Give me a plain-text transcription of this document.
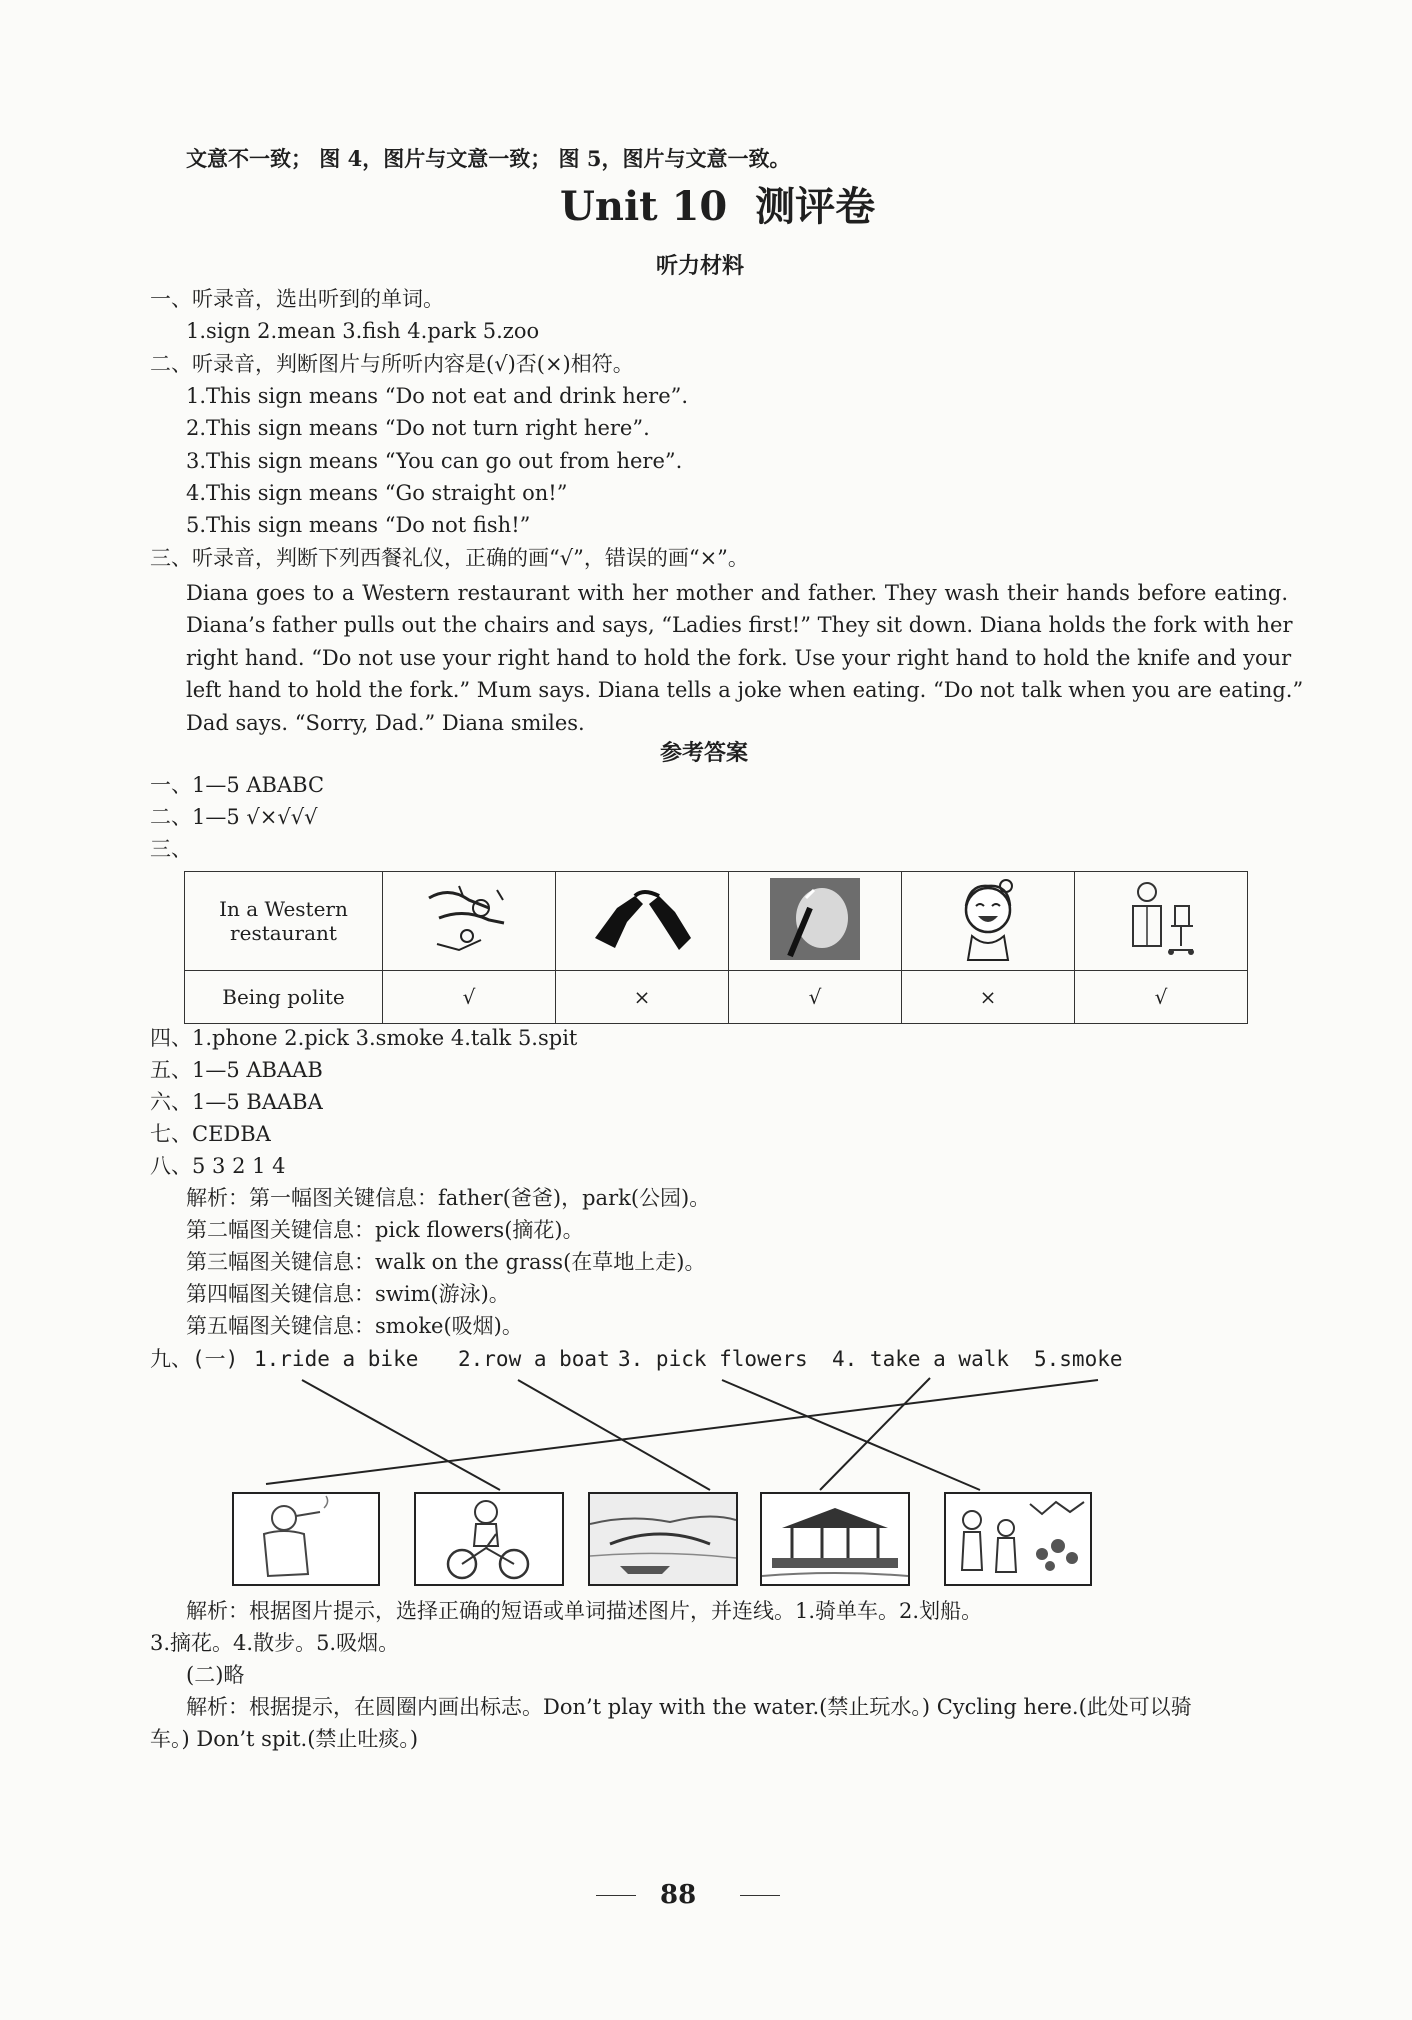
文意不一致； 图 4，图片与文意一致； 图 5，图片与文意一致。
Unit 10 测评卷
听力材料
一、听录音，选出听到的单词。
1.sign 2.mean 3.fish 4.park 5.zoo
二、听录音，判断图片与所听内容是(√)否(×)相符。
1.This sign means “Do not eat and drink here”.
2.This sign means “Do not turn right here”.
3.This sign means “You can go out from here”.
4.This sign means “Go straight on!”
5.This sign means “Do not fish!”
三、听录音，判断下列西餐礼仪，正确的画“√”，错误的画“×”。
Diana goes to a Western restaurant with her mother and father. They wash their hands before eating.
Diana’s father pulls out the chairs and says, “Ladies first!” They sit down. Diana holds the fork with her
right hand. “Do not use your right hand to hold the fork. Use your right hand to hold the knife and your
left hand to hold the fork.” Mum says. Diana tells a joke when eating. “Do not talk when you are eating.”
Dad says. “Sorry, Dad.” Diana smiles.
参考答案
一、1—5 ABABC
二、1—5 √×√√√
三、
In a Western
restaurant

Being polite	√	×	√	×	√
四、1.phone 2.pick 3.smoke 4.talk 5.spit
五、1—5 ABAAB
六、1—5 BAABA
七、CEDBA
八、5 3 2 1 4
解析：第一幅图关键信息：father(爸爸)，park(公园)。
第二幅图关键信息：pick flowers(摘花)。
第三幅图关键信息：walk on the grass(在草地上走)。
第四幅图关键信息：swim(游泳)。
第五幅图关键信息：smoke(吸烟)。
九、(一) 1.ride a bike 2.row a boat 3. pick flowers 4. take a walk 5.smoke
解析：根据图片提示，选择正确的短语或单词描述图片，并连线。1.骑单车。2.划船。
3.摘花。4.散步。5.吸烟。
(二)略
解析：根据提示，在圆圈内画出标志。Don’t play with the water.(禁止玩水。) Cycling here.(此处可以骑
车。) Don’t spit.(禁止吐痰。)
88
